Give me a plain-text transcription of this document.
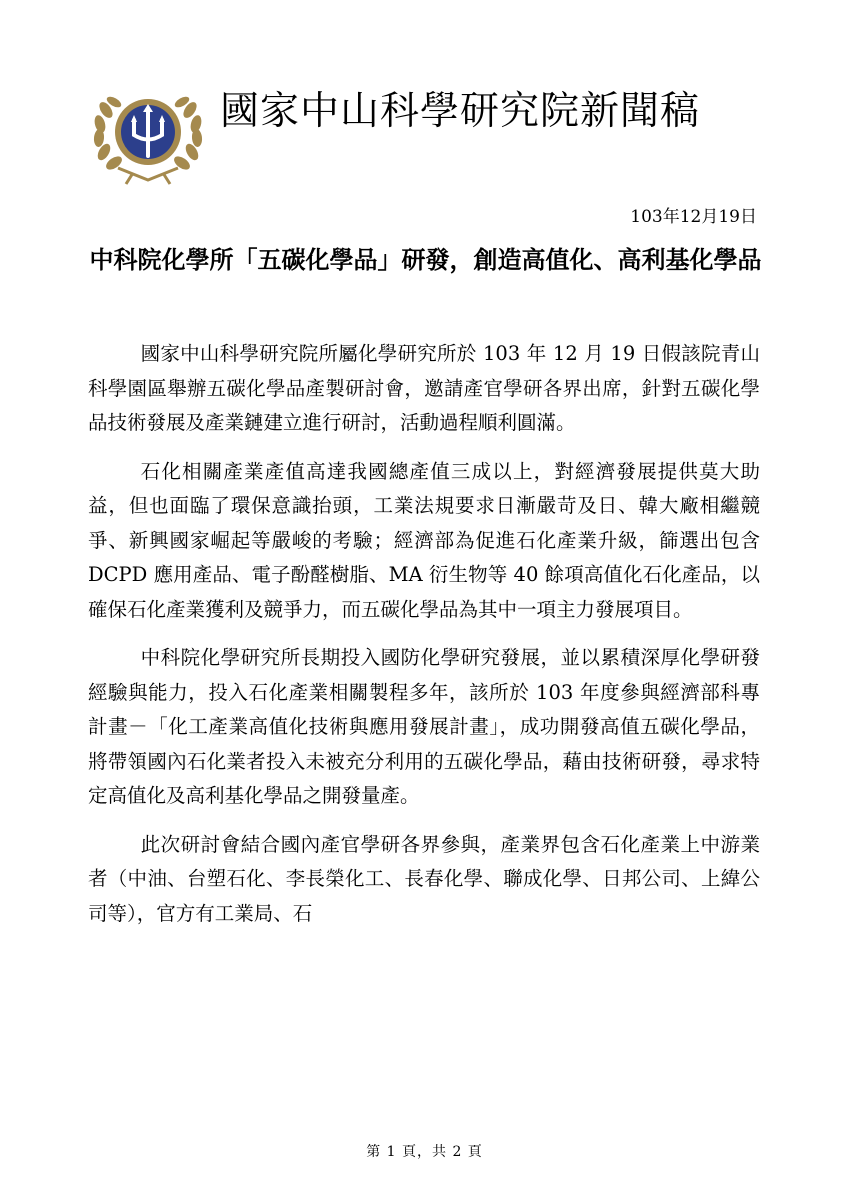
國家中山科學研究院新聞稿
103年12月19日
中科院化學所「五碳化學品」研發，創造高值化、高利基化學品

國家中山科學研究院所屬化學研究所於 103 年 12 月 19 日假該院青山科學園區舉辦五碳化學品產製研討會，邀請產官學研各界出席，針對五碳化學品技術發展及產業鏈建立進行研討，活動過程順利圓滿。

石化相關產業產值高達我國總產值三成以上，對經濟發展提供莫大助益，但也面臨了環保意識抬頭，工業法規要求日漸嚴苛及日、韓大廠相繼競爭、新興國家崛起等嚴峻的考驗；經濟部為促進石化產業升級，篩選出包含 DCPD 應用產品、電子酚醛樹脂、MA 衍生物等 40 餘項高值化石化產品，以確保石化產業獲利及競爭力，而五碳化學品為其中一項主力發展項目。

中科院化學研究所長期投入國防化學研究發展，並以累積深厚化學研發經驗與能力，投入石化產業相關製程多年，該所於 103 年度參與經濟部科專計畫－「化工產業高值化技術與應用發展計畫」，成功開發高值五碳化學品，將帶領國內石化業者投入未被充分利用的五碳化學品，藉由技術研發，尋求特定高值化及高利基化學品之開發量產。

此次研討會結合國內產官學研各界參與，產業界包含石化產業上中游業者（中油、台塑石化、李長榮化工、長春化學、聯成化學、日邦公司、上緯公司等），官方有工業局、石

第 1 頁，共 2 頁
